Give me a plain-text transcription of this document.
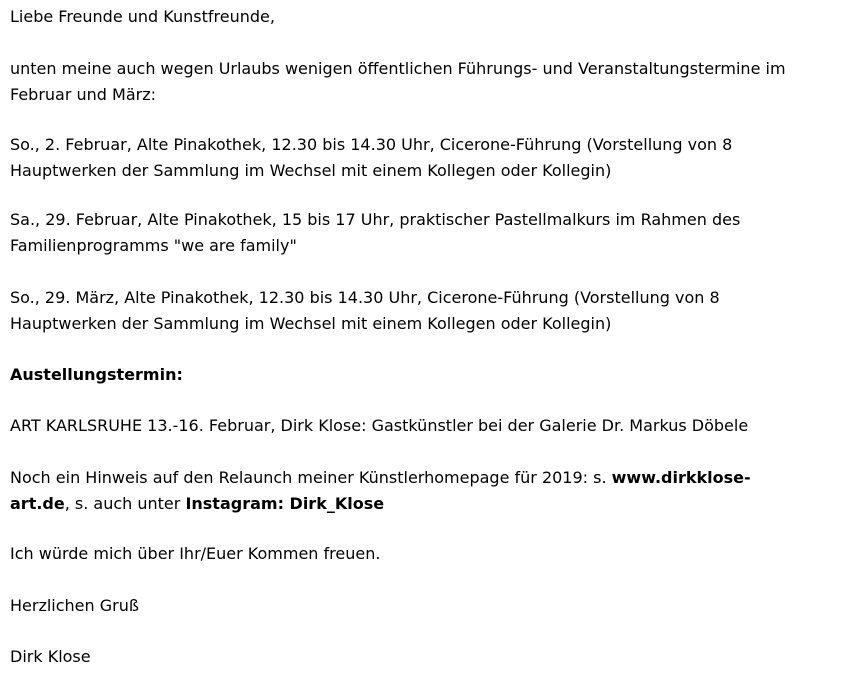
Liebe Freunde und Kunstfreunde,

unten meine auch wegen Urlaubs wenigen öffentlichen Führungs- und Veranstaltungstermine im
Februar und März:

So., 2. Februar, Alte Pinakothek, 12.30 bis 14.30 Uhr, Cicerone-Führung (Vorstellung von 8
Hauptwerken der Sammlung im Wechsel mit einem Kollegen oder Kollegin)

Sa., 29. Februar, Alte Pinakothek, 15 bis 17 Uhr, praktischer Pastellmalkurs im Rahmen des
Familienprogramms "we are family"

So., 29. März, Alte Pinakothek, 12.30 bis 14.30 Uhr, Cicerone-Führung (Vorstellung von 8
Hauptwerken der Sammlung im Wechsel mit einem Kollegen oder Kollegin)

Austellungstermin:

ART KARLSRUHE 13.-16. Februar, Dirk Klose: Gastkünstler bei der Galerie Dr. Markus Döbele

Noch ein Hinweis auf den Relaunch meiner Künstlerhomepage für 2019: s. www.dirkklose-
art.de, s. auch unter Instagram: Dirk_Klose

Ich würde mich über Ihr/Euer Kommen freuen.

Herzlichen Gruß

Dirk Klose
